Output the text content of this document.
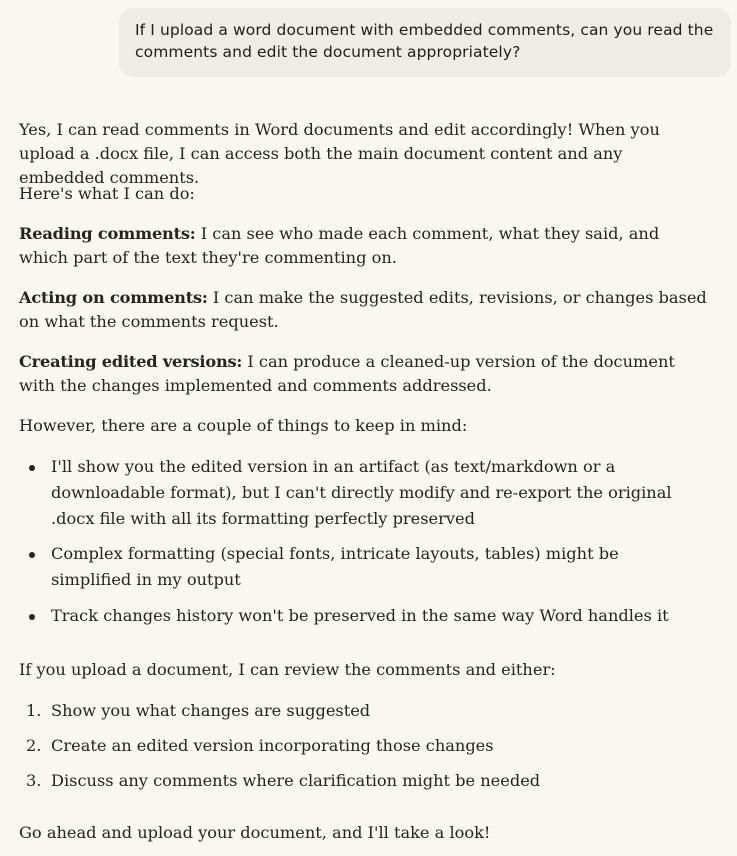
If I upload a word document with embedded comments, can you read the comments and edit the document appropriately?

Yes, I can read comments in Word documents and edit accordingly! When you upload a .docx file, I can access both the main document content and any embedded comments.

Here's what I can do:

Reading comments: I can see who made each comment, what they said, and which part of the text they're commenting on.

Acting on comments: I can make the suggested edits, revisions, or changes based on what the comments request.

Creating edited versions: I can produce a cleaned-up version of the document with the changes implemented and comments addressed.

However, there are a couple of things to keep in mind:

I'll show you the edited version in an artifact (as text/markdown or a downloadable format), but I can't directly modify and re-export the original .docx file with all its formatting perfectly preserved
Complex formatting (special fonts, intricate layouts, tables) might be simplified in my output
Track changes history won't be preserved in the same way Word handles it

If you upload a document, I can review the comments and either:

1. Show you what changes are suggested
2. Create an edited version incorporating those changes
3. Discuss any comments where clarification might be needed

Go ahead and upload your document, and I'll take a look!
